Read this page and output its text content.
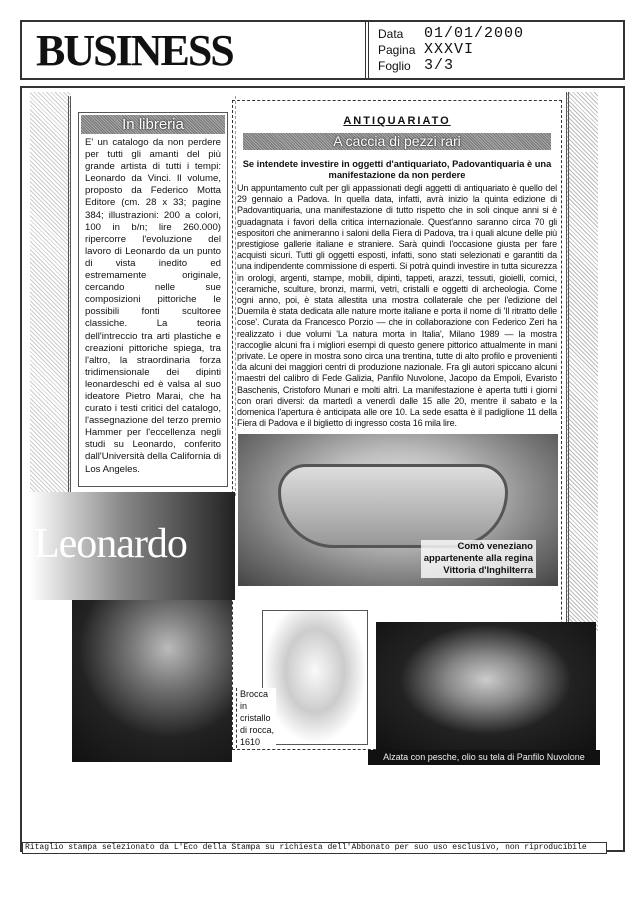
BUSINESS	Data	01/01/2000
Pagina XXXVI
Foglio 3/3
In libreria
E' un catalogo da non perdere per tutti gli amanti del più grande artista di tutti i tempi: Leonardo da Vinci. Il volume, proposto da Federico Motta Editore (cm. 28 x 33; pagine 384; illustrazioni: 200 a colori, 100 in b/n; lire 260.000) ripercorre l'evoluzione del lavoro di Leonardo da un punto di vista inedito ed estremamente originale, cercando nelle sue composizioni pittoriche le possibili fonti scultoree classiche. La teoria dell'intreccio tra arti plastiche e creazioni pittoriche spiega, tra l'altro, la straordinaria forza tridimensionale dei dipinti leonardeschi ed è valsa al suo ideatore Pietro Marai, che ha curato i testi critici del catalogo, l'assegnazione del terzo premio Hammer per l'eccellenza negli studi su Leonardo, conferito dall'Università della California di Los Angeles.
ANTIQUARIATO
A caccia di pezzi rari
Se intendete investire in oggetti d'antiquariato, Padovantiquaria è una manifestazione da non perdere
Un appuntamento cult per gli appassionati degli aggetti di antiquariato è quello del 29 gennaio a Padova. In quella data, infatti, avrà inizio la quinta edizione di Padovantiquaria, una manifestazione di tutto rispetto che in soli cinque anni si è guadagnata i favori della critica internazionale. Quest'anno saranno circa 70 gli espositori che animeranno i saloni della Fiera di Padova, tra i quali alcune delle più prestigiose gallerie italiane e straniere. Sarà quindi l'occasione giusta per fare acquisti sicuri. Tutti gli oggetti esposti, infatti, sono stati selezionati e garantiti da una indipendente commissione di esperti. Si potrà quindi investire in tutta sicurezza in orologi, argenti, stampe, mobili, dipinti, tappeti, arazzi, tessuti, gioielli, cornici, ceramiche, sculture, bronzi, marmi, vetri, cristalli e oggetti di archeologia. Come ogni anno, poi, è stata allestita una mostra collaterale che per l'edizione del Duemila è stata dedicata alle nature morte italiane e porta il nome di 'Il ritratto delle cose'. Curata da Francesco Porzio — che in collaborazione con Federico Zeri ha realizzato i due volumi 'La natura morta in Italia', Milano 1989 — la mostra raccoglie alcuni fra i migliori esempi di questo genere pittorico attualmente in mani private. Le opere in mostra sono circa una trentina, tutte di alto profilo e provenienti da alcuni dei maggiori centri di produzione nazionale. Fra gli autori spiccano alcuni maestri del calibro di Fede Galizia, Panfilo Nuvolone, Jacopo da Empoli, Evaristo Baschenis, Cristoforo Munari e molti altri. La manifestazione è aperta tutti i giorni con orari diversi: da martedì a venerdì dalle 15 alle 20, mentre il sabato e la domenica l'apertura è anticipata alle ore 10. La sede esatta è il padiglione 11 della Fiera di Padova e il biglietto di ingresso costa 16 mila lire.
Leonardo	Comò veneziano
appartenente alla regina
Vittoria d'Inghilterra
Brocca in cristallo di rocca, 1610
Alzata con pesche, olio su tela di Panfilo Nuvolone
Ritaglio stampa selezionato da L'Eco della Stampa su richiesta dell'Abbonato per suo uso esclusivo, non riproducibile
